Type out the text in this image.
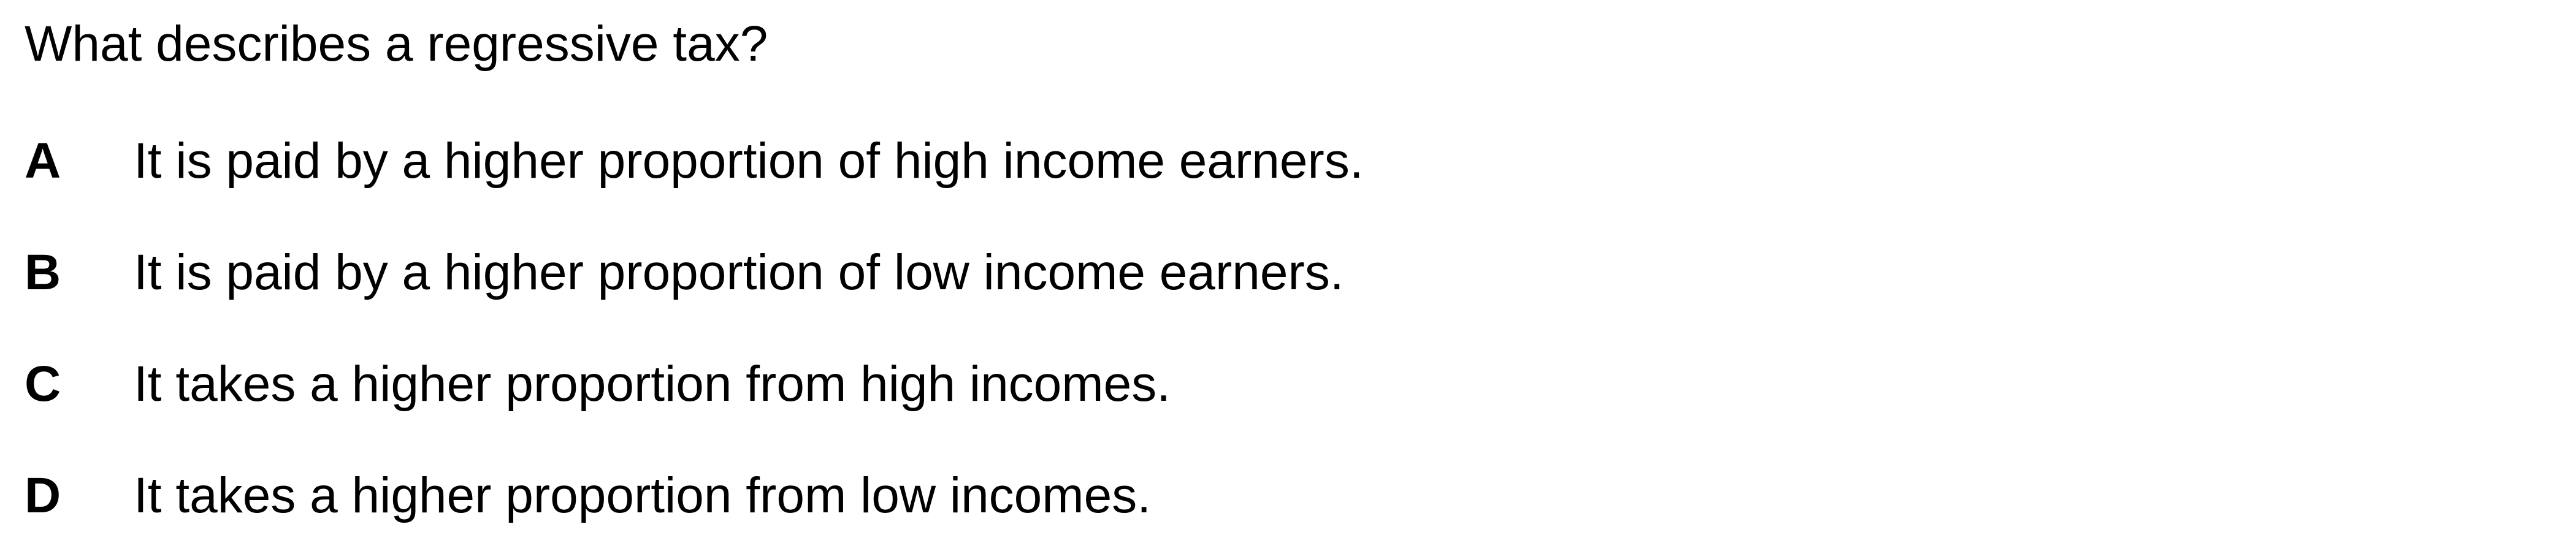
What describes a regressive tax?
A	It is paid by a higher proportion of high income earners.
B	It is paid by a higher proportion of low income earners.
C	It takes a higher proportion from high incomes.
D	It takes a higher proportion from low incomes.
